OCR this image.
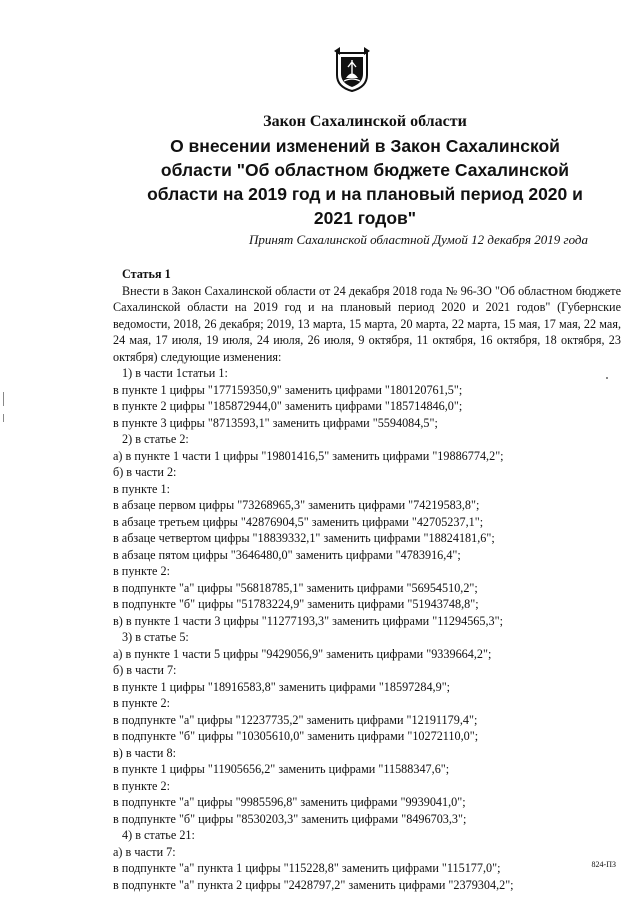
Закон Сахалинской области
О внесении изменений в Закон Сахалинской
области "Об областном бюджете Сахалинской
области на 2019 год и на плановый период 2020 и
2021 годов"
Принят Сахалинской областной Думой 12 декабря 2019 года
Статья 1
Внести в Закон Сахалинской области от 24 декабря 2018 года № 96-ЗО "Об областном бюджете Сахалинской области на 2019 год и на плановый период 2020 и 2021 годов" (Губернские ведомости, 2018, 26 декабря; 2019, 13 марта, 15 марта, 20 марта, 22 марта, 15 мая, 17 мая, 22 мая, 24 мая, 17 июля, 19 июля, 24 июля, 26 июля, 9 октября, 11 октября, 16 октября, 18 октября, 23 октября) следующие изменения:
1) в части 1статьи 1:
в пункте 1 цифры "177159350,9" заменить цифрами "180120761,5";
в пункте 2 цифры "185872944,0" заменить цифрами "185714846,0";
в пункте 3 цифры "8713593,1" заменить цифрами "5594084,5";
2) в статье 2:
а) в пункте 1 части 1 цифры "19801416,5" заменить цифрами "19886774,2";
б) в части 2:
в пункте 1:
в абзаце первом цифры "73268965,3" заменить цифрами "74219583,8";
в абзаце третьем цифры "42876904,5" заменить цифрами "42705237,1";
в абзаце четвертом цифры "18839332,1" заменить цифрами "18824181,6";
в абзаце пятом цифры "3646480,0" заменить цифрами "4783916,4";
в пункте 2:
в подпункте "а" цифры "56818785,1" заменить цифрами "56954510,2";
в подпункте "б" цифры "51783224,9" заменить цифрами "51943748,8";
в) в пункте 1 части 3 цифры "11277193,3" заменить цифрами "11294565,3";
3) в статье 5:
а) в пункте 1 части 5 цифры "9429056,9" заменить цифрами "9339664,2";
б) в части 7:
в пункте 1 цифры "18916583,8" заменить цифрами "18597284,9";
в пункте 2:
в подпункте "а" цифры "12237735,2" заменить цифрами "12191179,4";
в подпункте "б" цифры "10305610,0" заменить цифрами "10272110,0";
в) в части 8:
в пункте 1 цифры "11905656,2" заменить цифрами "11588347,6";
в пункте 2:
в подпункте "а" цифры "9985596,8" заменить цифрами "9939041,0";
в подпункте "б" цифры "8530203,3" заменить цифрами "8496703,3";
4) в статье 21:
а) в части 7:
в подпункте "а" пункта 1 цифры "115228,8" заменить цифрами "115177,0";
в подпункте "а" пункта 2 цифры "2428797,2" заменить цифрами "2379304,2";
824-ПЗ
